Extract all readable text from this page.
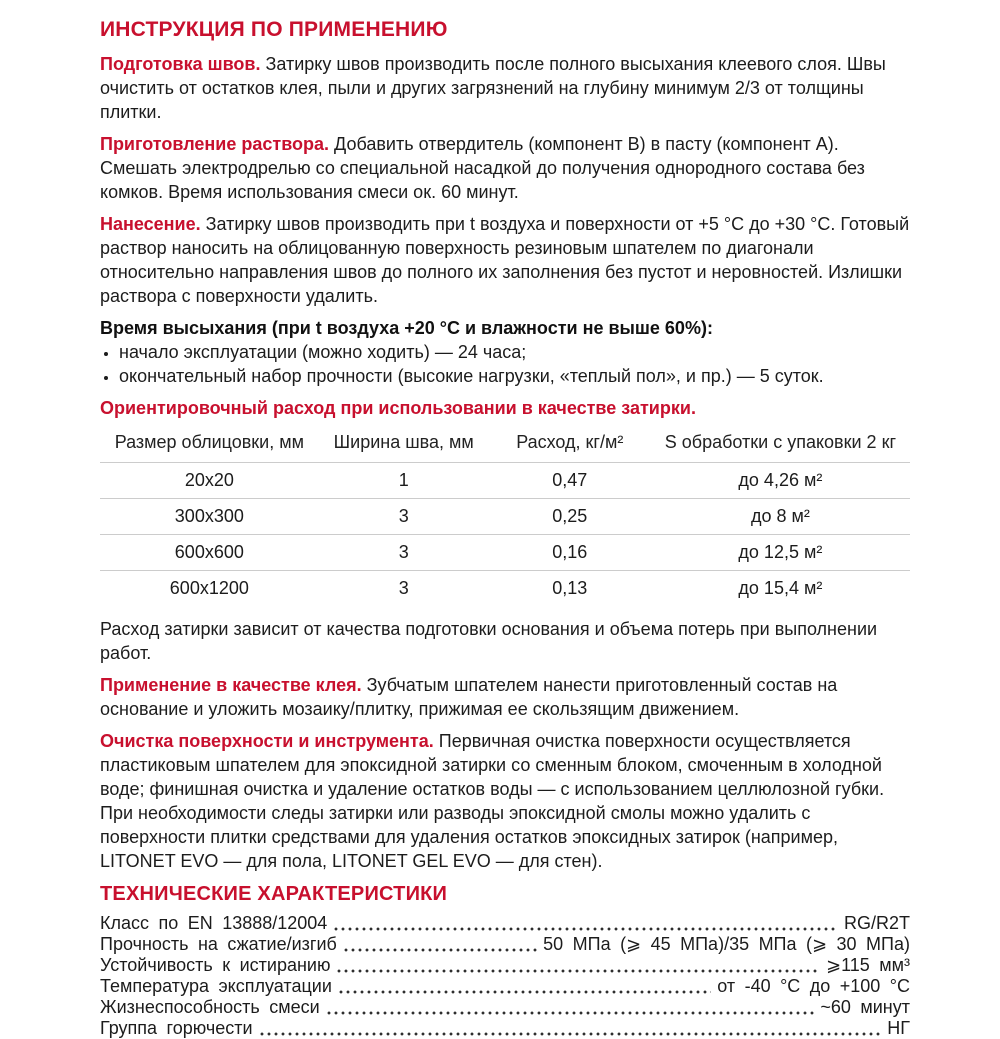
ИНСТРУКЦИЯ ПО ПРИМЕНЕНИЮ

Подготовка швов. Затирку швов производить после полного высыхания клеевого слоя. Швы очистить от остатков клея, пыли и других загрязнений на глубину минимум 2/3 от толщины плитки.

Приготовление раствора. Добавить отвердитель (компонент B) в пасту (компонент A). Смешать электродрелью со специальной насадкой до получения однородного состава без комков. Время использования смеси ок. 60 минут.

Нанесение. Затирку швов производить при t воздуха и поверхности от +5 °С до +30 °С. Готовый раствор наносить на облицованную поверхность резиновым шпателем по диагонали относительно направления швов до полного их заполнения без пустот и неровностей. Излишки раствора с поверхности удалить.

Время высыхания (при t воздуха +20 °С и влажности не выше 60%):

• начало эксплуатации (можно ходить) — 24 часа;
• окончательный набор прочности (высокие нагрузки, «теплый пол», и пр.) — 5 суток.

Ориентировочный расход при использовании в качестве затирки.

Размер облицовки, мм	Ширина шва, мм	Расход, кг/м²	S обработки с упаковки 2 кг
20х20	1	0,47	до 4,26 м²
300х300	3	0,25	до 8 м²
600х600	3	0,16	до 12,5 м²
600х1200	3	0,13	до 15,4 м²

Расход затирки зависит от качества подготовки основания и объема потерь при выполнении работ.

Применение в качестве клея. Зубчатым шпателем нанести приготовленный состав на основание и уложить мозаику/плитку, прижимая ее скользящим движением.

Очистка поверхности и инструмента. Первичная очистка поверхности осуществляется пластиковым шпателем для эпоксидной затирки со сменным блоком, смоченным в холодной воде; финишная очистка и удаление остатков воды — с использованием целлюлозной губки. При необходимости следы затирки или разводы эпоксидной смолы можно удалить с поверхности плитки средствами для удаления остатков эпоксидных затирок (например, LITONET EVO — для пола, LITONET GEL EVO — для стен).

ТЕХНИЧЕСКИЕ ХАРАКТЕРИСТИКИ
Класс по EN 13888/12004	RG/R2T
Прочность на сжатие/изгиб	50 МПа (⩾ 45 МПа)/35 МПа (⩾ 30 МПа)
Устойчивость к истиранию	⩾115 мм³
Температура эксплуатации	от -40 °С до +100 °С
Жизнеспособность смеси	~60 минут
Группа горючести	НГ
